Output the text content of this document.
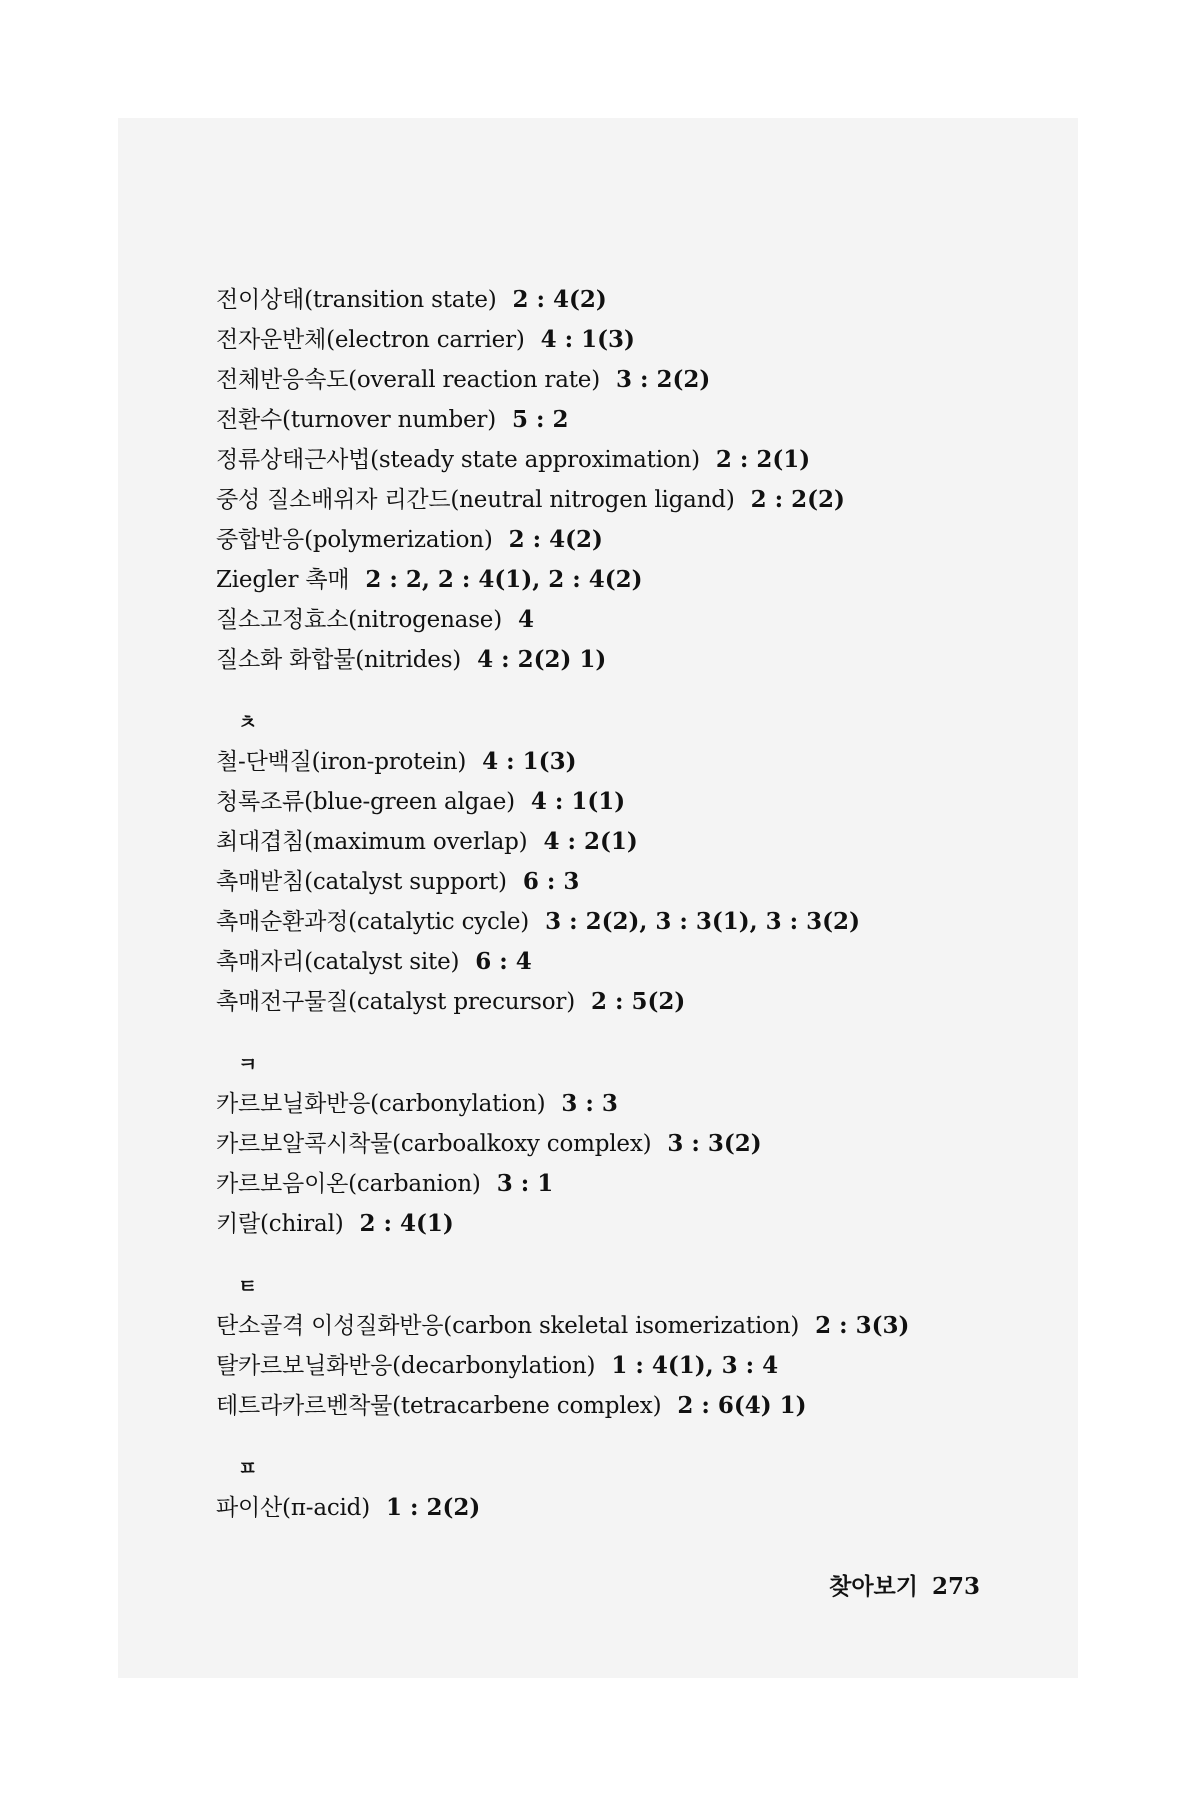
전이상태(transition state) 2 : 4(2)
전자운반체(electron carrier) 4 : 1(3)
전체반응속도(overall reaction rate) 3 : 2(2)
전환수(turnover number) 5 : 2
정류상태근사법(steady state approximation) 2 : 2(1)
중성 질소배위자 리간드(neutral nitrogen ligand) 2 : 2(2)
중합반응(polymerization) 2 : 4(2)
Ziegler 촉매 2 : 2, 2 : 4(1), 2 : 4(2)
질소고정효소(nitrogenase) 4
질소화 화합물(nitrides) 4 : 2(2) 1)
ㅊ
철-단백질(iron-protein) 4 : 1(3)
청록조류(blue-green algae) 4 : 1(1)
최대겹침(maximum overlap) 4 : 2(1)
촉매받침(catalyst support) 6 : 3
촉매순환과정(catalytic cycle) 3 : 2(2), 3 : 3(1), 3 : 3(2)
촉매자리(catalyst site) 6 : 4
촉매전구물질(catalyst precursor) 2 : 5(2)
ㅋ
카르보닐화반응(carbonylation) 3 : 3
카르보알콕시착물(carboalkoxy complex) 3 : 3(2)
카르보음이온(carbanion) 3 : 1
키랄(chiral) 2 : 4(1)
ㅌ
탄소골격 이성질화반응(carbon skeletal isomerization) 2 : 3(3)
탈카르보닐화반응(decarbonylation) 1 : 4(1), 3 : 4
테트라카르벤착물(tetracarbene complex) 2 : 6(4) 1)
ㅍ
파이산(π-acid) 1 : 2(2)
찾아보기 273
